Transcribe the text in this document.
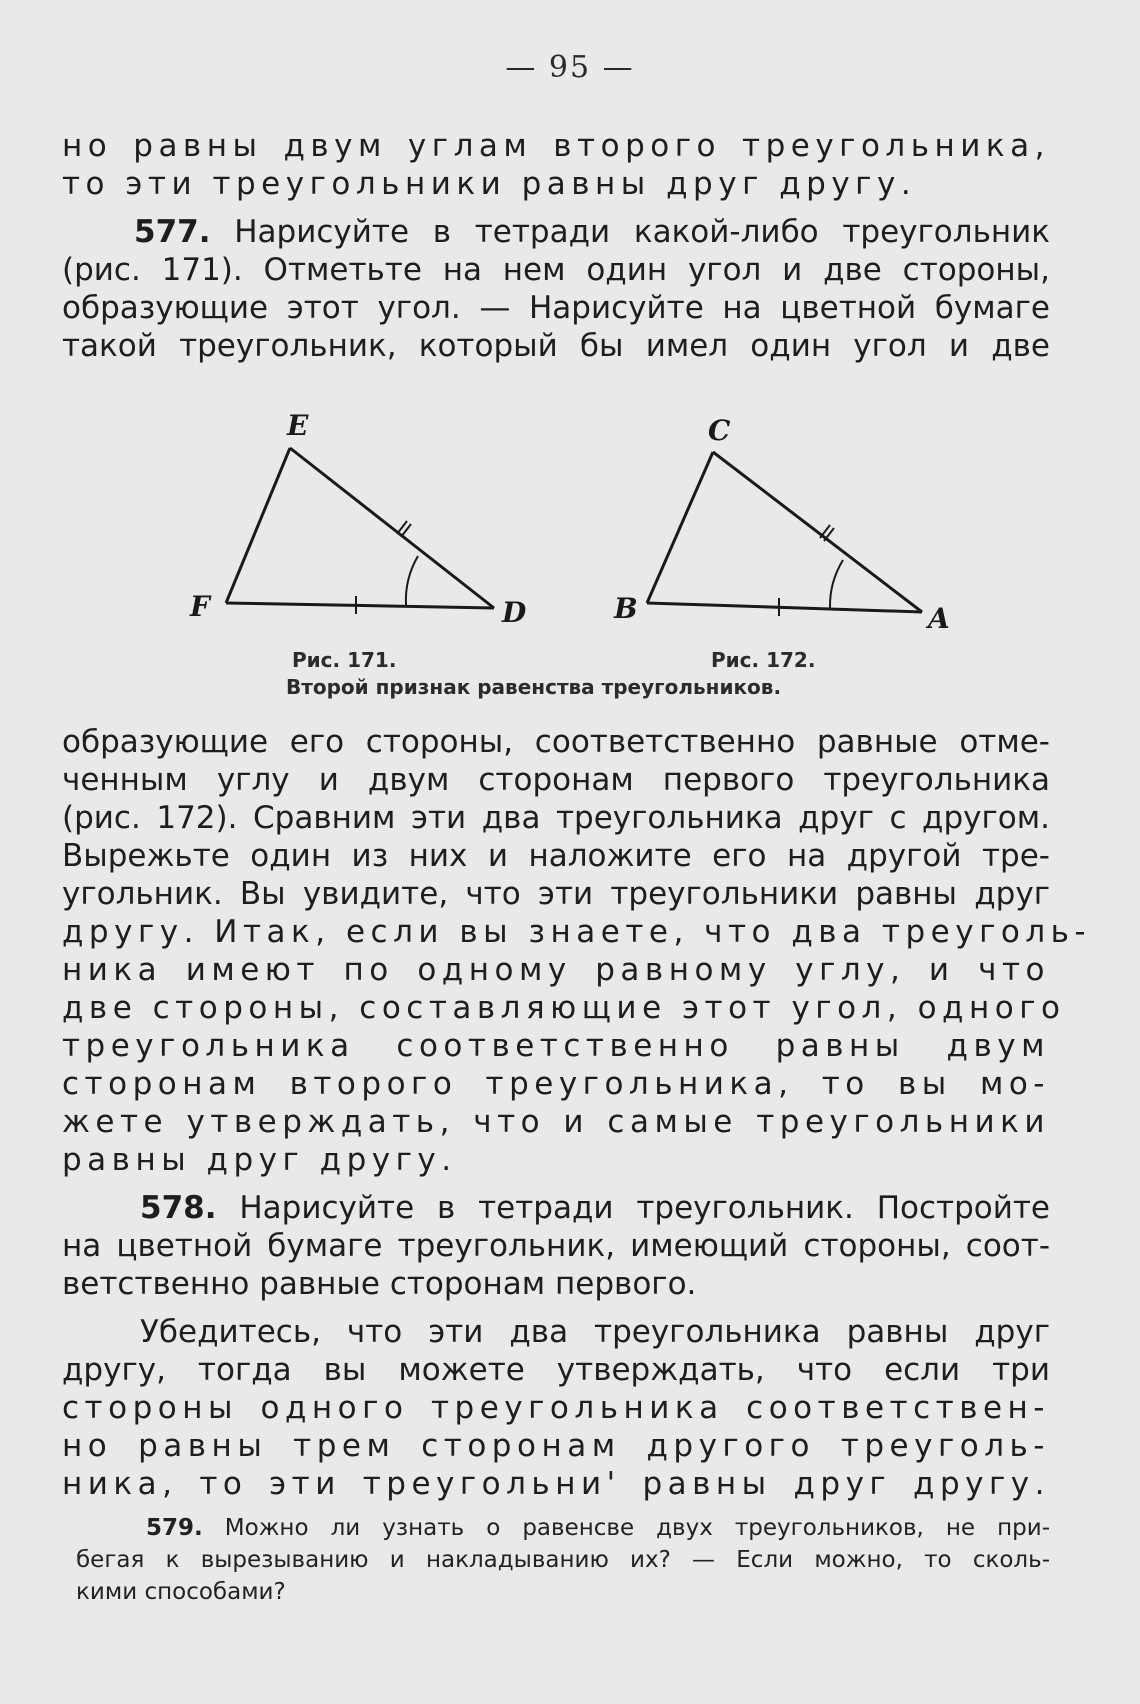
— 95 —
но равны двум углам второго треугольника,
то эти треугольники равны друг другу.
577. Нарисуйте в тетради какой-либо треугольник
(рис. 171). Отметьте на нем один угол и две стороны,
образующие этот угол. — Нарисуйте на цветной бумаге
такой треугольник, который бы имел один угол и две
E
F	D
C
B	A
Рис. 171.	Рис. 172.
Второй признак равенства треугольников.
образующие его стороны, соответственно равные отме-
ченным углу и двум сторонам первого треугольника
(рис. 172). Сравним эти два треугольника друг с другом.
Вырежьте один из них и наложите его на другой тре-
угольник. Вы увидите, что эти треугольники равны друг
другу. Итак, если вы знаете, что два треуголь-
ника имеют по одному равному углу, и что
две стороны, составляющие этот угол, одного
треугольника соответственно равны двум
сторонам второго треугольника, то вы мо-
жете утверждать, что и самые треугольники
равны друг другу.
578. Нарисуйте в тетради треугольник. Постройте
на цветной бумаге треугольник, имеющий стороны, соот-
ветственно равные сторонам первого.
Убедитесь, что эти два треугольника равны друг
другу, тогда вы можете утверждать, что если три
стороны одного треугольника соответствен-
но равны трем сторонам другого треуголь-
ника, то эти треугольни' равны друг другу.
579. Можно ли узнать о равенсве двух треугольников, не при-
бегая к вырезыванию и накладыванию их? — Если можно, то сколь-
кими способами?
